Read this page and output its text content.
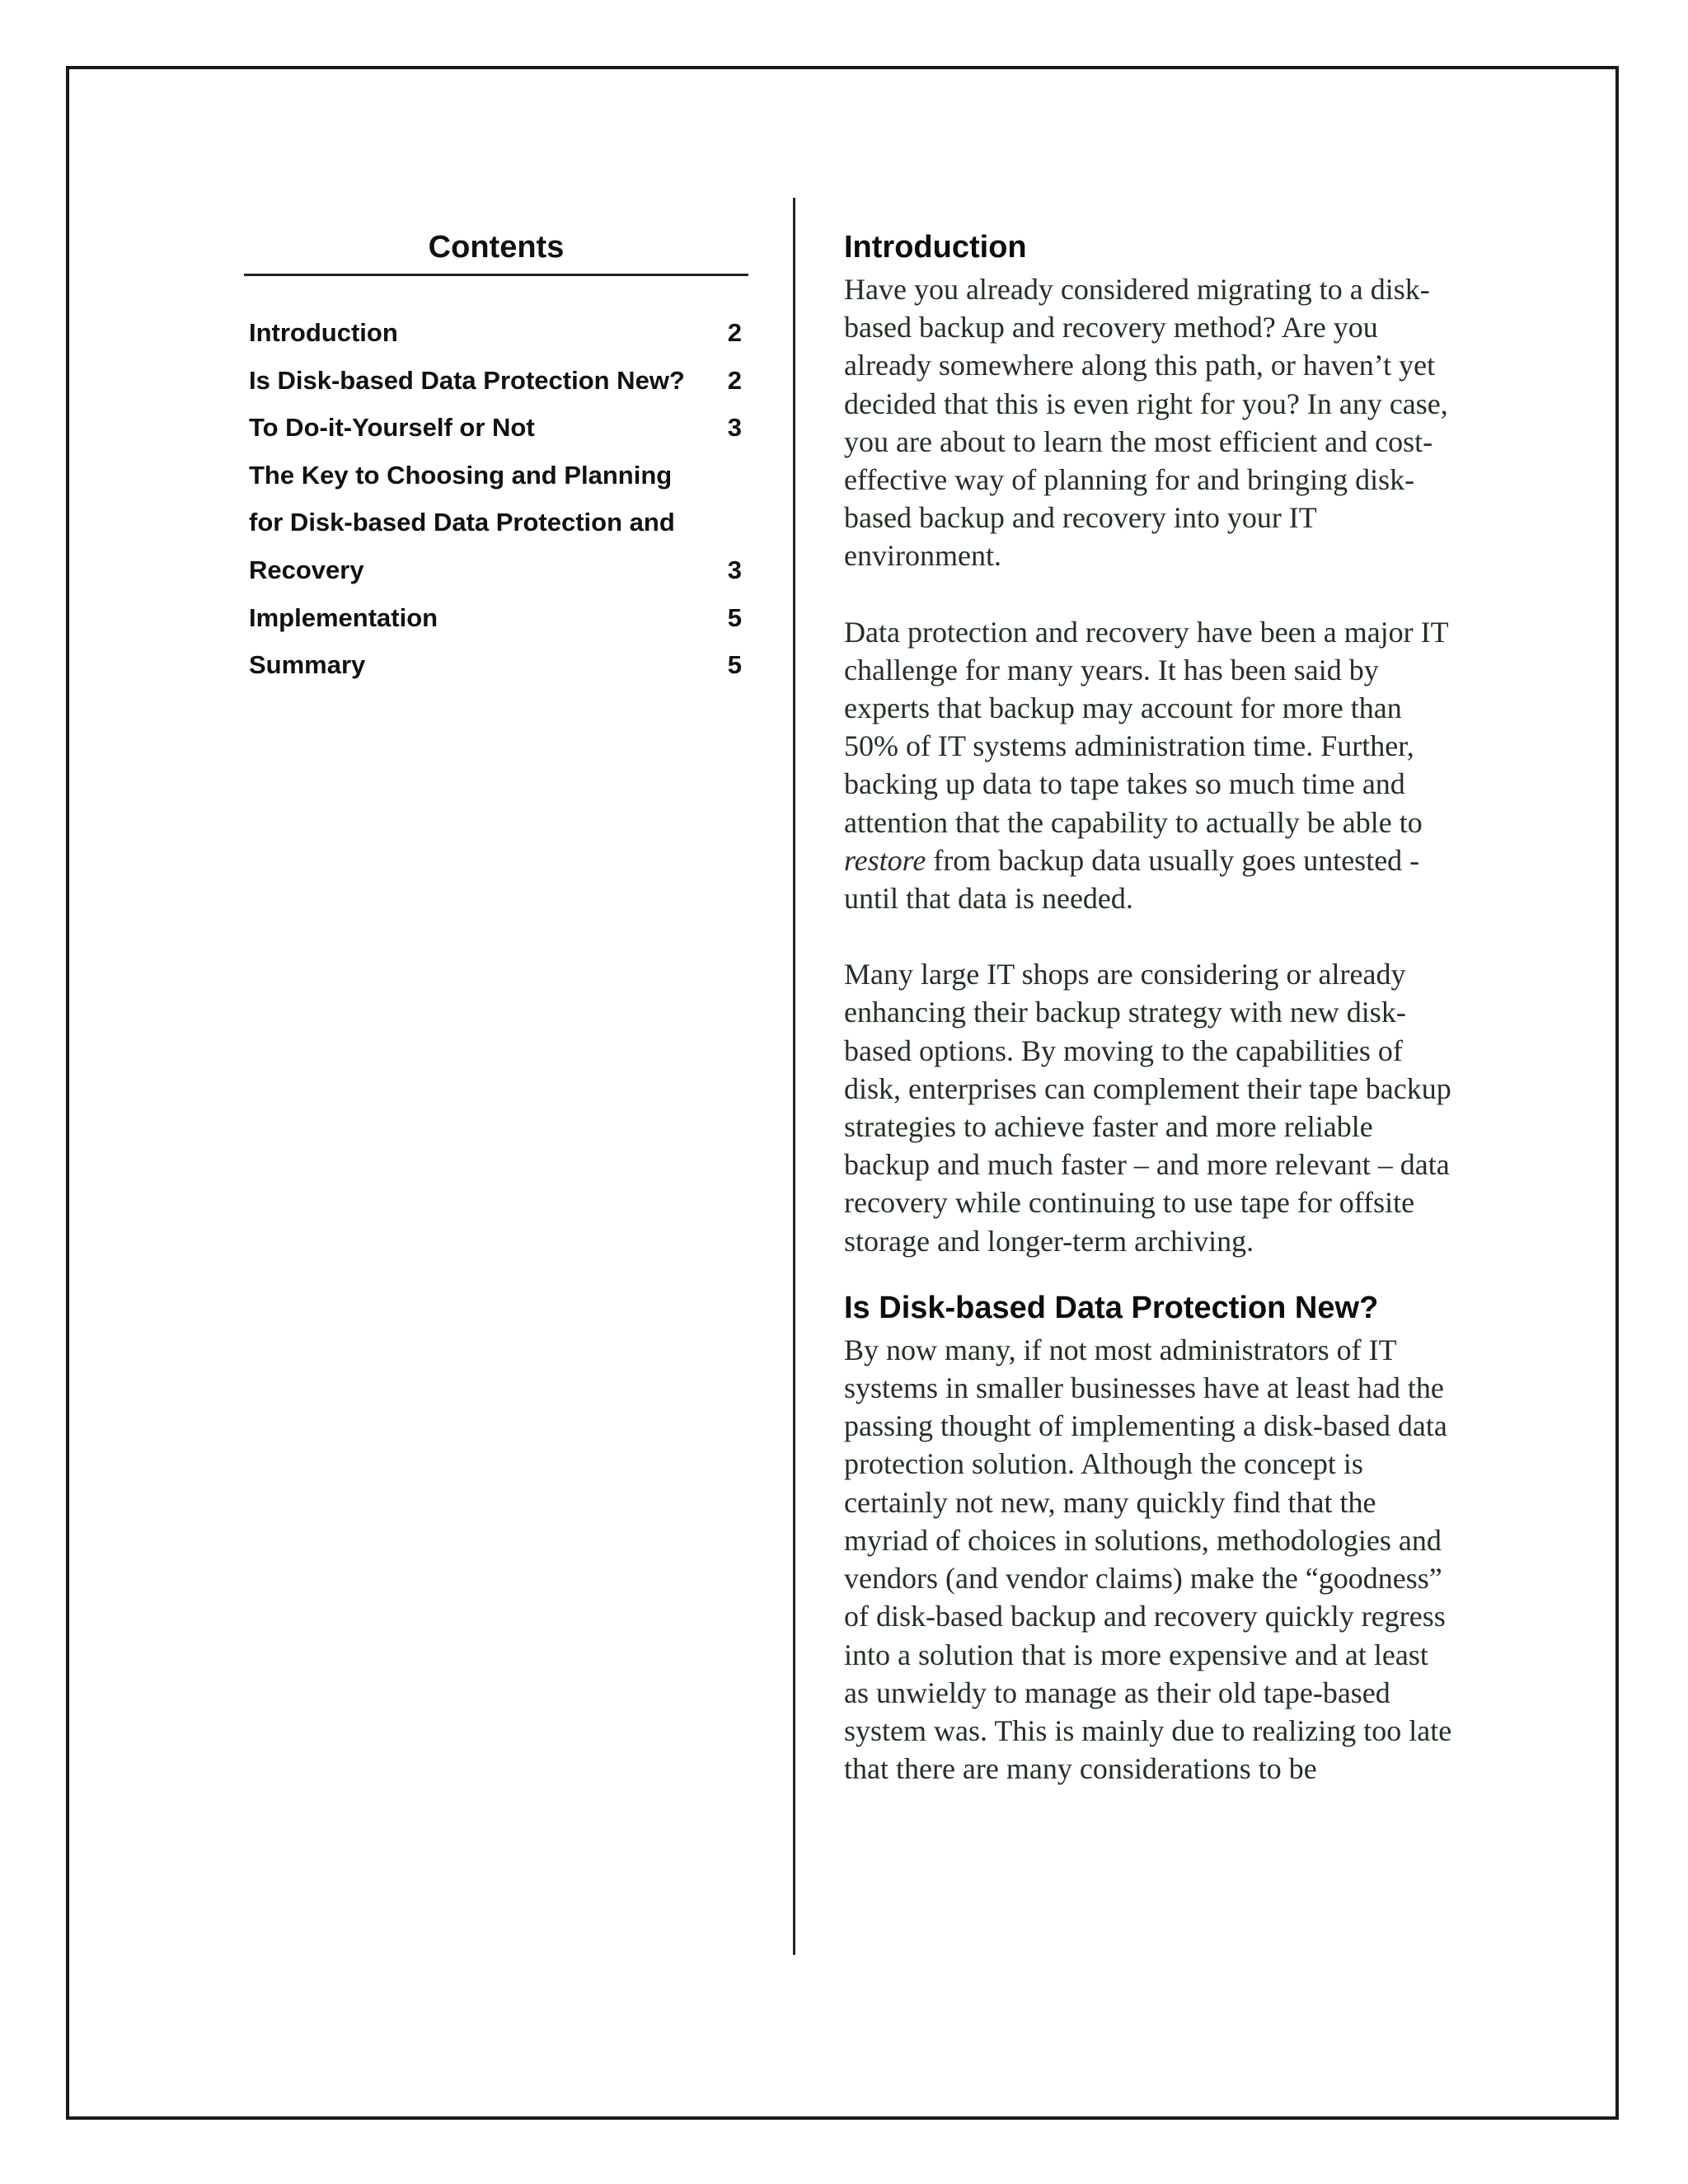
Contents
Introduction	2
Is Disk-based Data Protection New? 2
To Do-it-Yourself or Not	3
The Key to Choosing and Planning
for Disk-based Data Protection and
Recovery	3
Implementation	5
Summary	5
Introduction

Have you already considered migrating to a disk-based backup and recovery method? Are you already somewhere along this path, or haven’t yet decided that this is even right for you? In any case, you are about to learn the most efficient and cost-effective way of planning for and bringing disk-based backup and recovery into your IT environment.

Data protection and recovery have been a major IT challenge for many years. It has been said by experts that backup may account for more than 50% of IT systems administration time. Further, backing up data to tape takes so much time and attention that the capability to actually be able to restore from backup data usually goes untested - until that data is needed.

Many large IT shops are considering or already enhancing their backup strategy with new disk-based options. By moving to the capabilities of disk, enterprises can complement their tape backup strategies to achieve faster and more reliable backup and much faster – and more relevant – data recovery while continuing to use tape for offsite storage and longer-term archiving.

Is Disk-based Data Protection New?

By now many, if not most administrators of IT systems in smaller businesses have at least had the passing thought of implementing a disk-based data protection solution. Although the concept is certainly not new, many quickly find that the myriad of choices in solutions, methodologies and vendors (and vendor claims) make the “goodness” of disk-based backup and recovery quickly regress into a solution that is more expensive and at least as unwieldy to manage as their old tape-based system was. This is mainly due to realizing too late that there are many considerations to be
